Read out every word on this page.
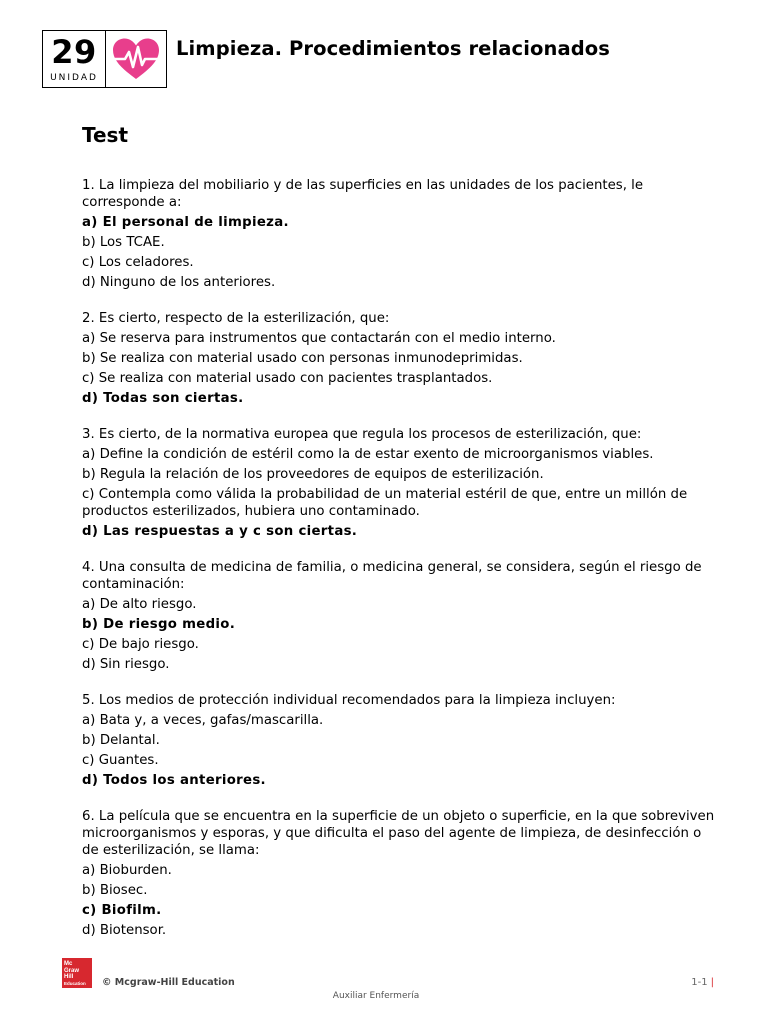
29
UNIDAD
Limpieza. Procedimientos relacionados
Test
1. La limpieza del mobiliario y de las superficies en las unidades de los pacientes, le corresponde a:
a) El personal de limpieza.
b) Los TCAE.
c) Los celadores.
d) Ninguno de los anteriores.
2. Es cierto, respecto de la esterilización, que:
a) Se reserva para instrumentos que contactarán con el medio interno.
b) Se realiza con material usado con personas inmunodeprimidas.
c) Se realiza con material usado con pacientes trasplantados.
d) Todas son ciertas.
3. Es cierto, de la normativa europea que regula los procesos de esterilización, que:
a) Define la condición de estéril como la de estar exento de microorganismos viables.
b) Regula la relación de los proveedores de equipos de esterilización.
c) Contempla como válida la probabilidad de un material estéril de que, entre un millón de productos esterilizados, hubiera uno contaminado.
d) Las respuestas a y c son ciertas.
4. Una consulta de medicina de familia, o medicina general, se considera, según el riesgo de contaminación:
a) De alto riesgo.
b) De riesgo medio.
c) De bajo riesgo.
d) Sin riesgo.
5. Los medios de protección individual recomendados para la limpieza incluyen:
a) Bata y, a veces, gafas/mascarilla.
b) Delantal.
c) Guantes.
d) Todos los anteriores.
6. La película que se encuentra en la superficie de un objeto o superficie, en la que sobreviven microorganismos y esporas, y que dificulta el paso del agente de limpieza, de desinfección o de esterilización, se llama:
a) Bioburden.
b) Biosec.
c) Biofilm.
d) Biotensor.
Mc
Graw
Hill
Education	© Mcgraw-Hill Education
Auxiliar Enfermería
1-1 |
